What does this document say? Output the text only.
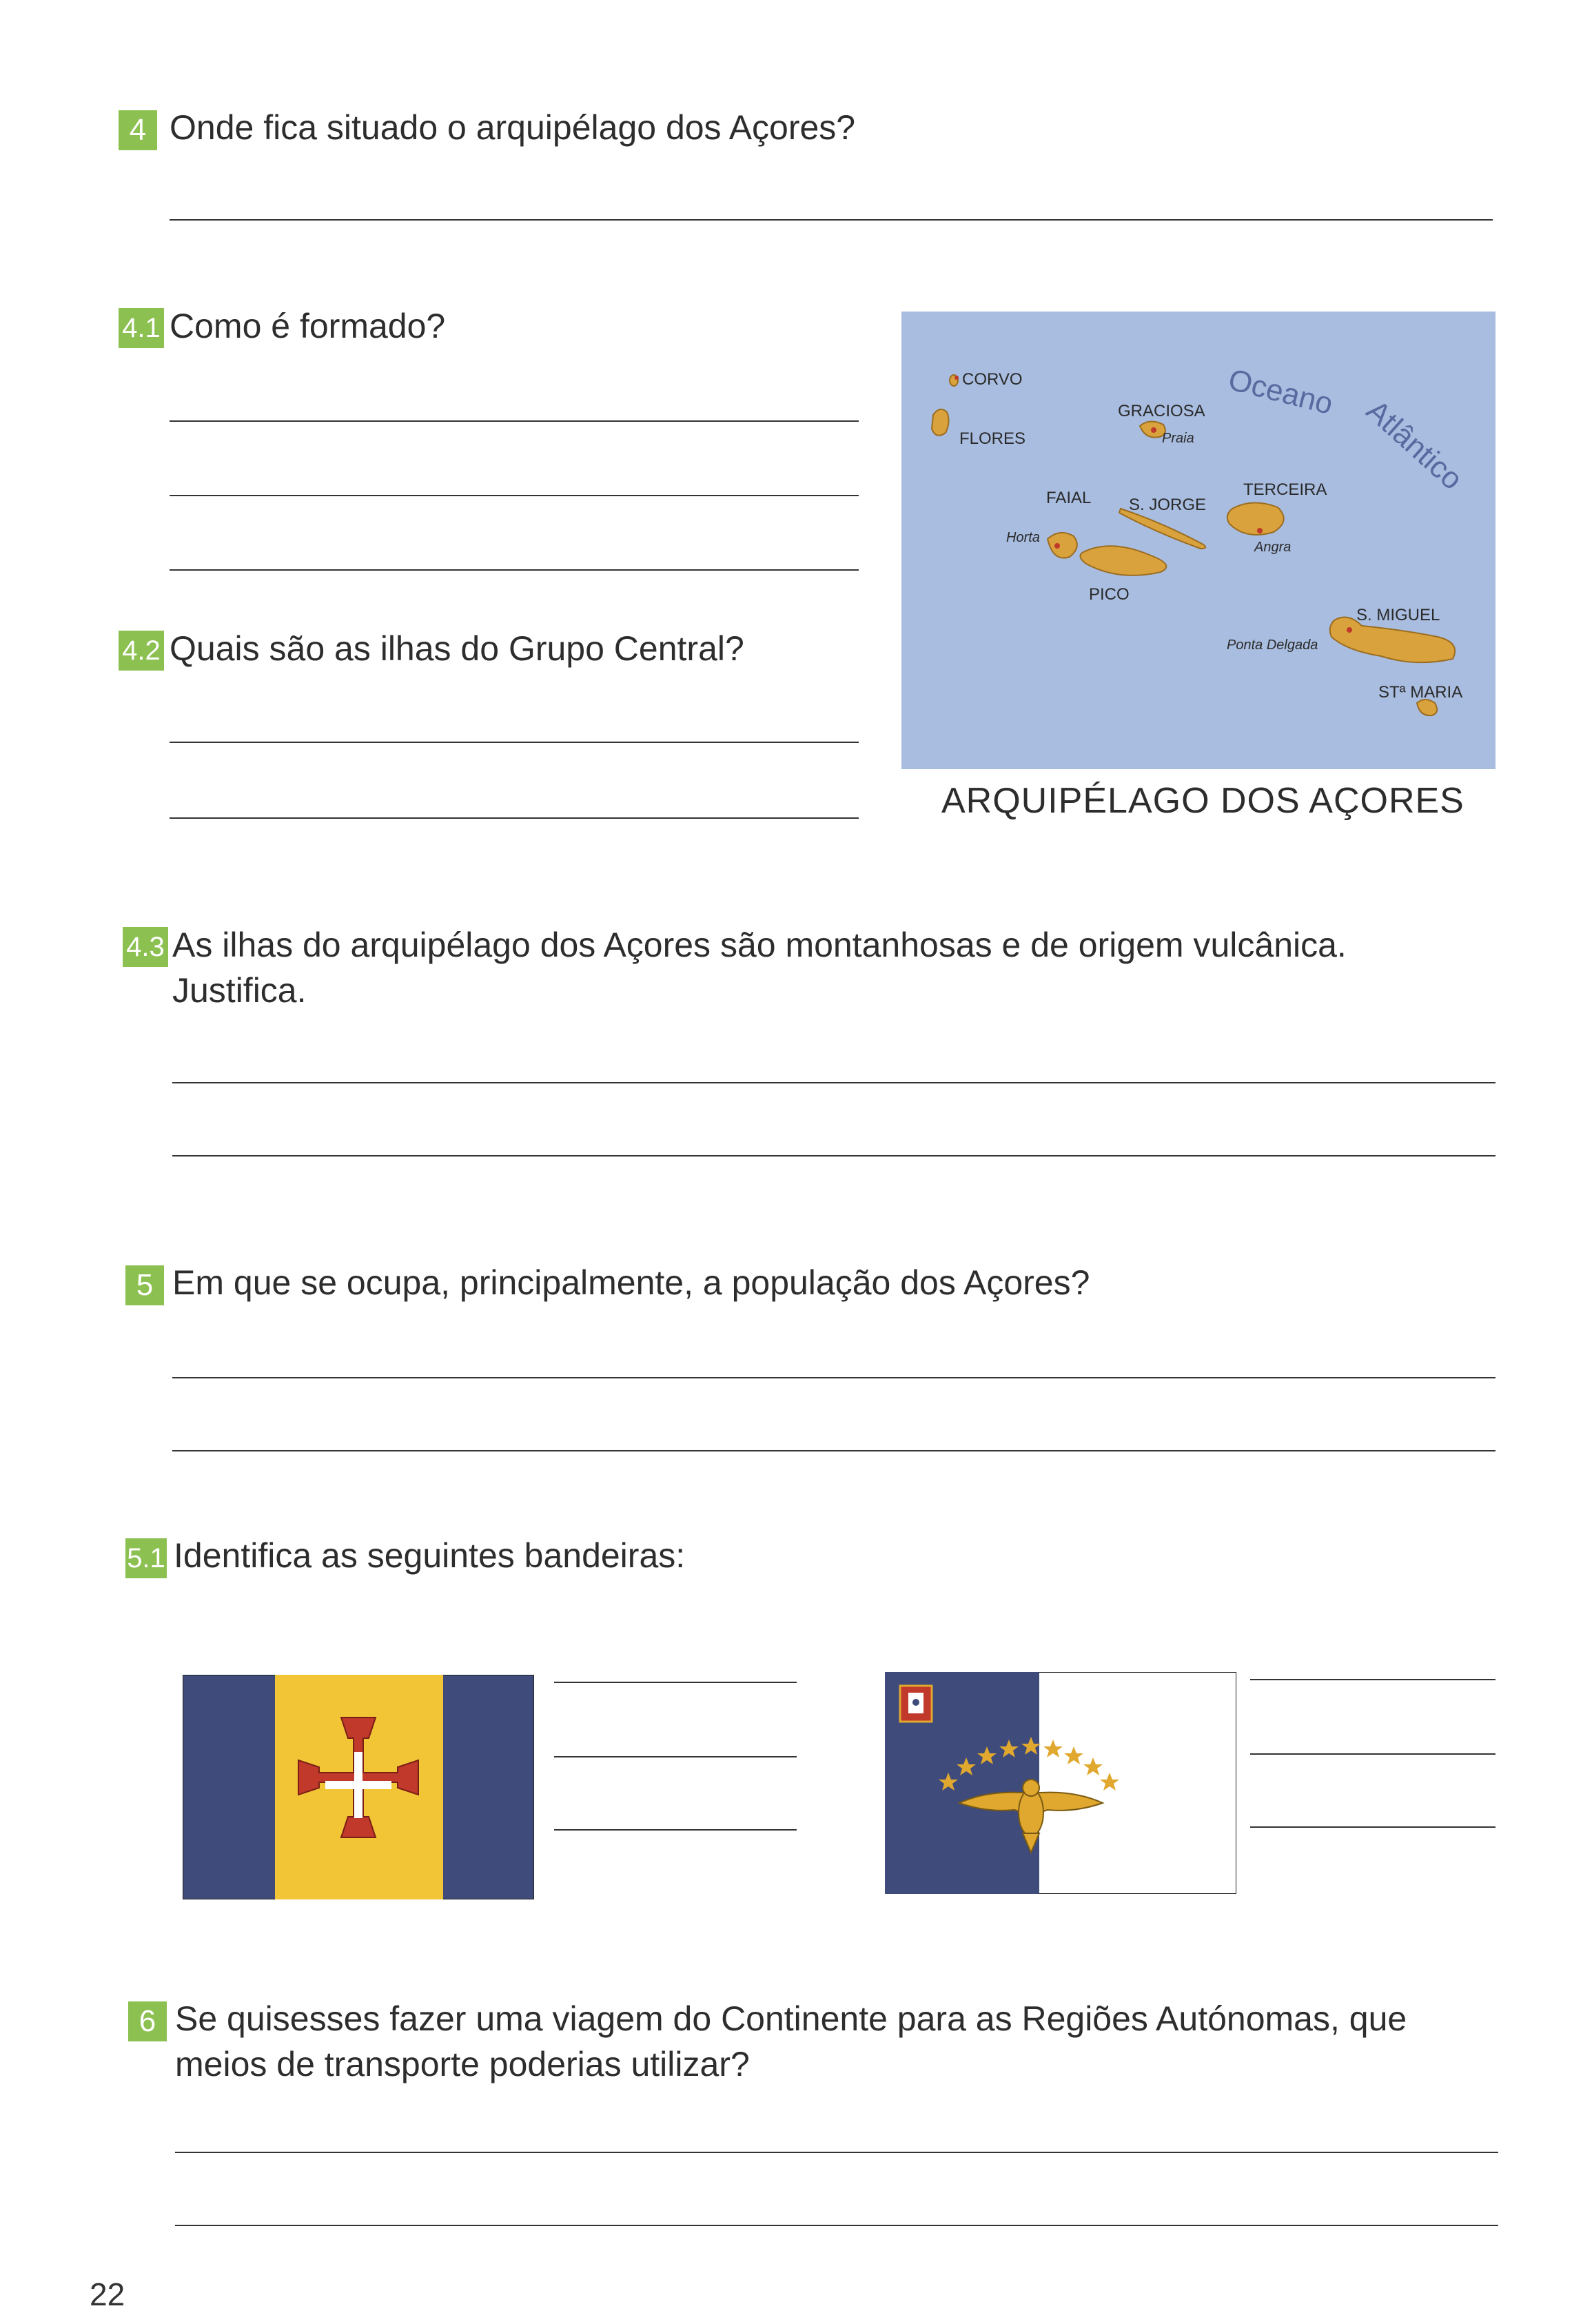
4 Onde fica situado o arquipélago dos Açores?
4.1 Como é formado?
4.2 Quais são as ilhas do Grupo Central?
CORVO
FLORES
GRACIOSA
Praia
FAIAL S. JORGE
TERCEIRA
Horta
Angra
PICO
S. MIGUEL
Ponta Delgada
STª MARIA
Oceano
Atlântico
ARQUIPÉLAGO DOS AÇORES
4.3 As ilhas do arquipélago dos Açores são montanhosas e de origem vulcânica.
Justifica.
5 Em que se ocupa, principalmente, a população dos Açores?
5.1 Identifica as seguintes bandeiras:
6 Se quisesses fazer uma viagem do Continente para as Regiões Autónomas, que
meios de transporte poderias utilizar?
22
